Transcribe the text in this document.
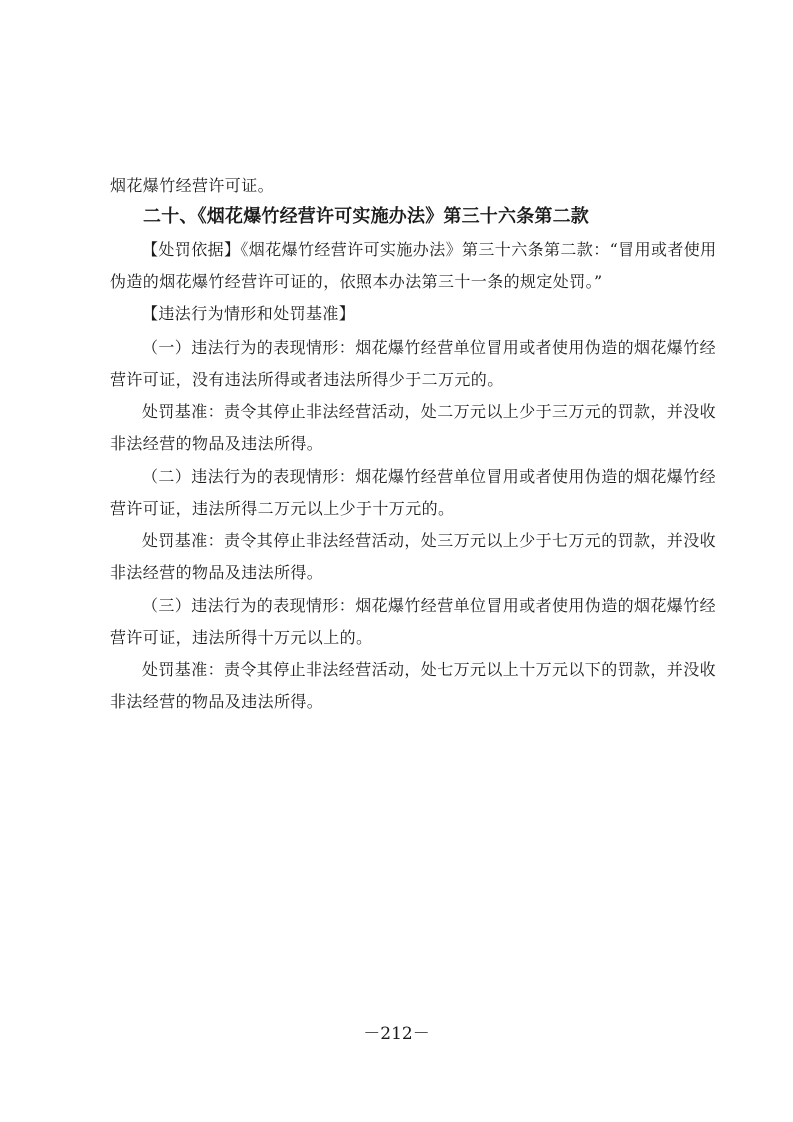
烟花爆竹经营许可证。
二十、《烟花爆竹经营许可实施办法》第三十六条第二款
【处罚依据】《烟花爆竹经营许可实施办法》第三十六条第二款：“冒用或者使用
伪造的烟花爆竹经营许可证的，依照本办法第三十一条的规定处罚。”
【违法行为情形和处罚基准】
（一）违法行为的表现情形：烟花爆竹经营单位冒用或者使用伪造的烟花爆竹经
营许可证，没有违法所得或者违法所得少于二万元的。
处罚基准：责令其停止非法经营活动，处二万元以上少于三万元的罚款，并没收
非法经营的物品及违法所得。
（二）违法行为的表现情形：烟花爆竹经营单位冒用或者使用伪造的烟花爆竹经
营许可证，违法所得二万元以上少于十万元的。
处罚基准：责令其停止非法经营活动，处三万元以上少于七万元的罚款，并没收
非法经营的物品及违法所得。
（三）违法行为的表现情形：烟花爆竹经营单位冒用或者使用伪造的烟花爆竹经
营许可证，违法所得十万元以上的。
处罚基准：责令其停止非法经营活动，处七万元以上十万元以下的罚款，并没收
非法经营的物品及违法所得。
－212－
